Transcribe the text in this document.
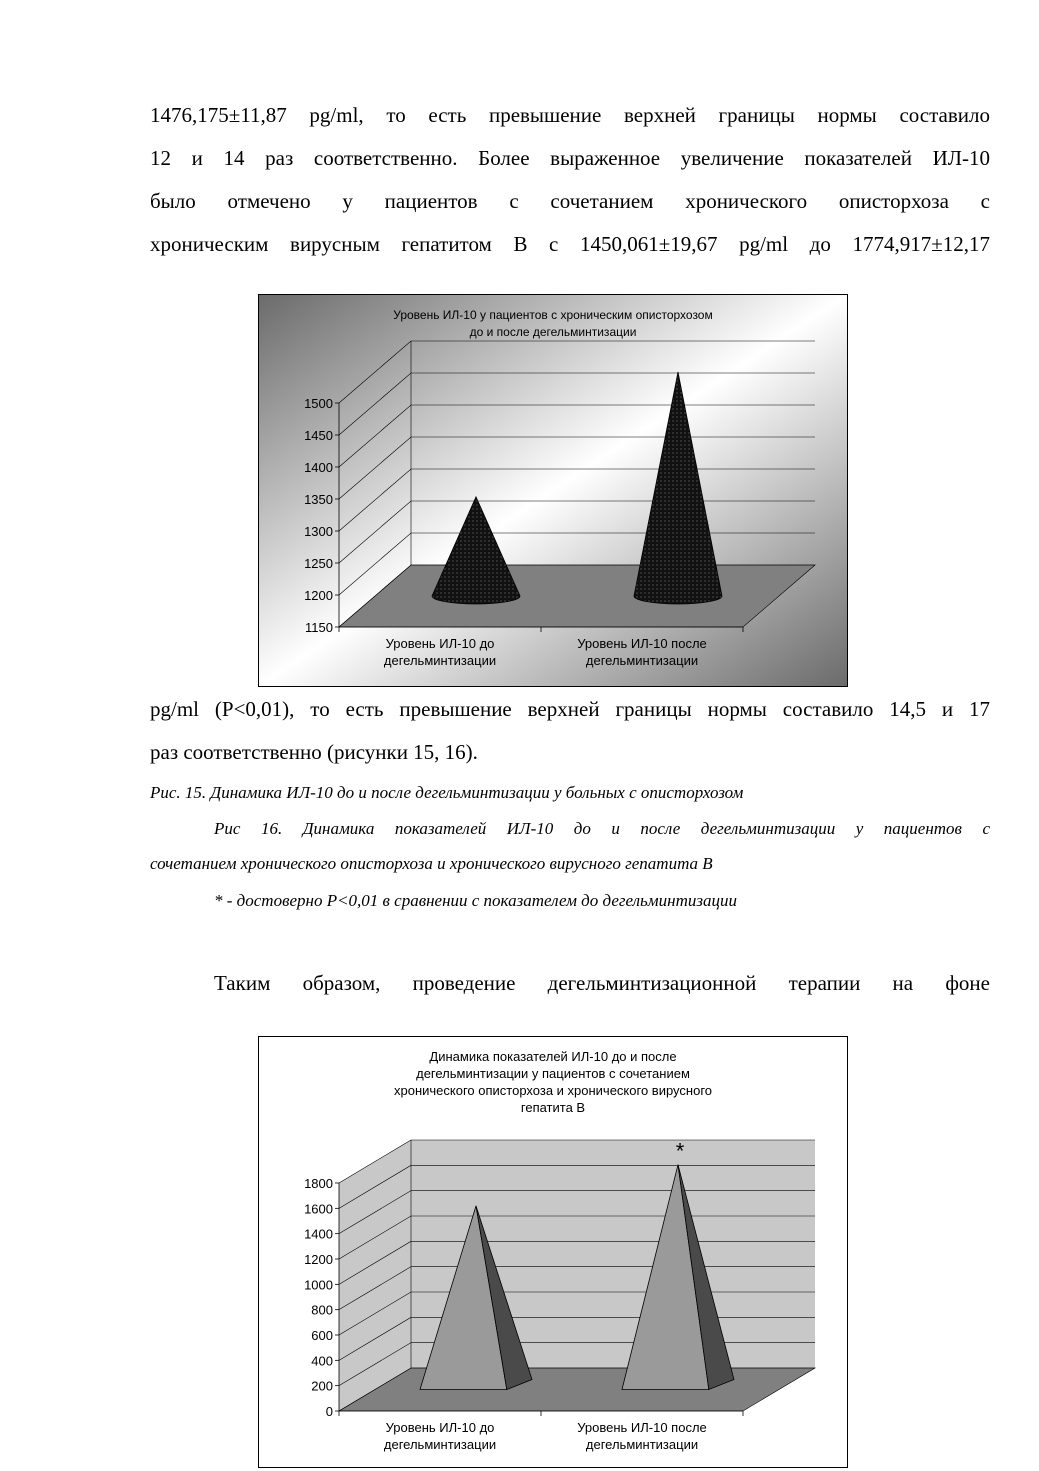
1476,175±11,87 pg/ml, то есть превышение верхней границы нормы составило
12 и 14 раз соответственно. Более выраженное увеличение показателей ИЛ-10
было отмечено у пациентов с сочетанием хронического описторхоза с
хроническим вирусным гепатитом В с 1450,061±19,67 pg/ml до 1774,917±12,17
Уровень ИЛ-10 у пациентов с хроническим описторхозом
до и после дегельминтизации
1150
1200
1250
1300
1350
1400
1450
1500
Уровень ИЛ-10 до
дегельминтизации
Уровень ИЛ-10 после
дегельминтизации
pg/ml (P<0,01), то есть превышение верхней границы нормы составило 14,5 и 17
раз соответственно (рисунки 15, 16).

Рис. 15. Динамика ИЛ-10 до и после дегельминтизации у больных с описторхозом

Рис 16. Динамика показателей ИЛ-10 до и после дегельминтизации у пациентов с

сочетанием хронического описторхоза и хронического вирусного гепатита В

* - достоверно P<0,01 в сравнении с показателем до дегельминтизации

Таким образом, проведение дегельминтизационной терапии на фоне
Динамика показателей ИЛ-10 до и после
дегельминтизации у пациентов с сочетанием
хронического описторхоза и хронического вирусного
гепатита В
0
200
400
600
800
1000
1200
1400
1600
1800
*
Уровень ИЛ-10 до
дегельминтизации
Уровень ИЛ-10 после
дегельминтизации
